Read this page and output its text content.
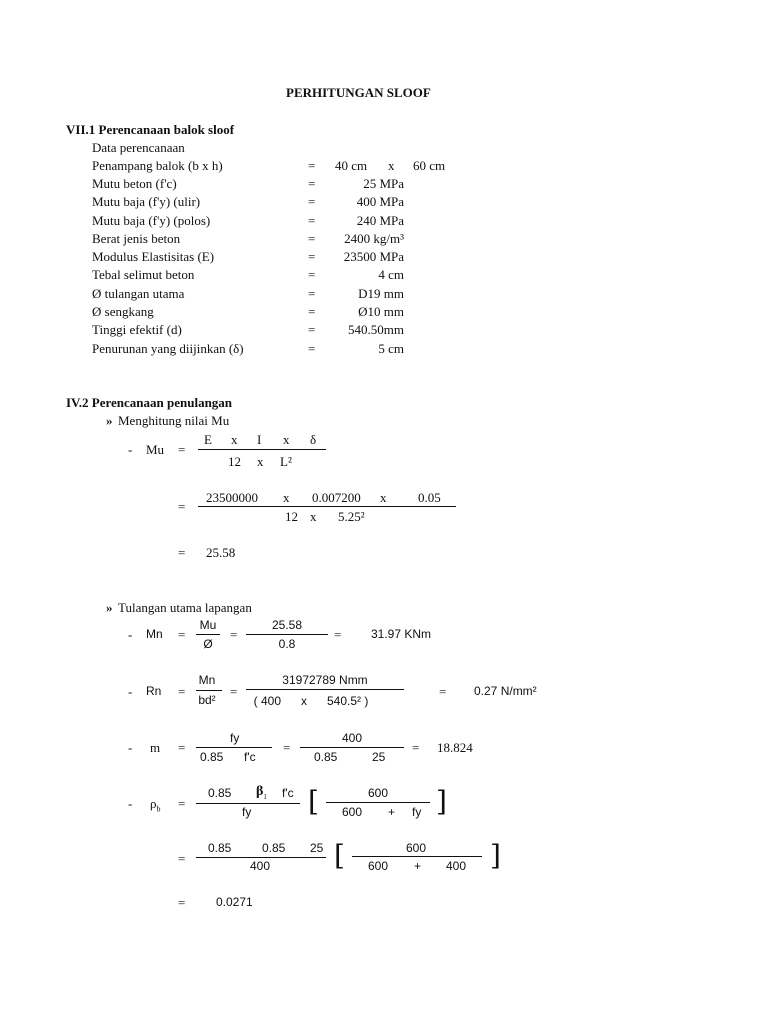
PERHITUNGAN SLOOF
VII.1 Perencanaan balok sloof
Data perencanaan
Penampang balok (b x h)	= 40 cm x 60 cm
Mutu beton (f'c)	=	25 MPa
Mutu baja (f'y) (ulir)	=	400 MPa
Mutu baja (f'y) (polos)	=	240 MPa
Berat jenis beton	=	2400 kg/m³
Modulus Elastisitas (E)	=	23500 MPa
Tebal selimut beton	=	4 cm
Ø tulangan utama	=	D19 mm
Ø sengkang	=	Ø10 mm
Tinggi efektif (d)	=	540.50mm
Penurunan yang diijinkan (δ)	=	5 cm
IV.2 Perencanaan penulangan
» Menghitung nilai Mu
- Mu =
E x I x δ
12 x L²
=
23500000 x 0.007200 x 0.05
12 x 5.25²
= 25.58
» Tulangan utama lapangan
- Mn =
Mu
Ø
=
25.58
0.8
= 31.97 KNm
- Rn =
Mn
bd²
=
31972789 Nmm
( 400      x      540.5² )
= 0.27 N/mm²
- m =
fy
0.85 f'c
=
400
0.85	25
= 18.824
- $\rho_b$ =
0.85 $\beta_1$ f'c
fy [	600
600 + fy ]
=
0.85	0.85 25
400 [	600
600 + 400 ]
=	0.0271
